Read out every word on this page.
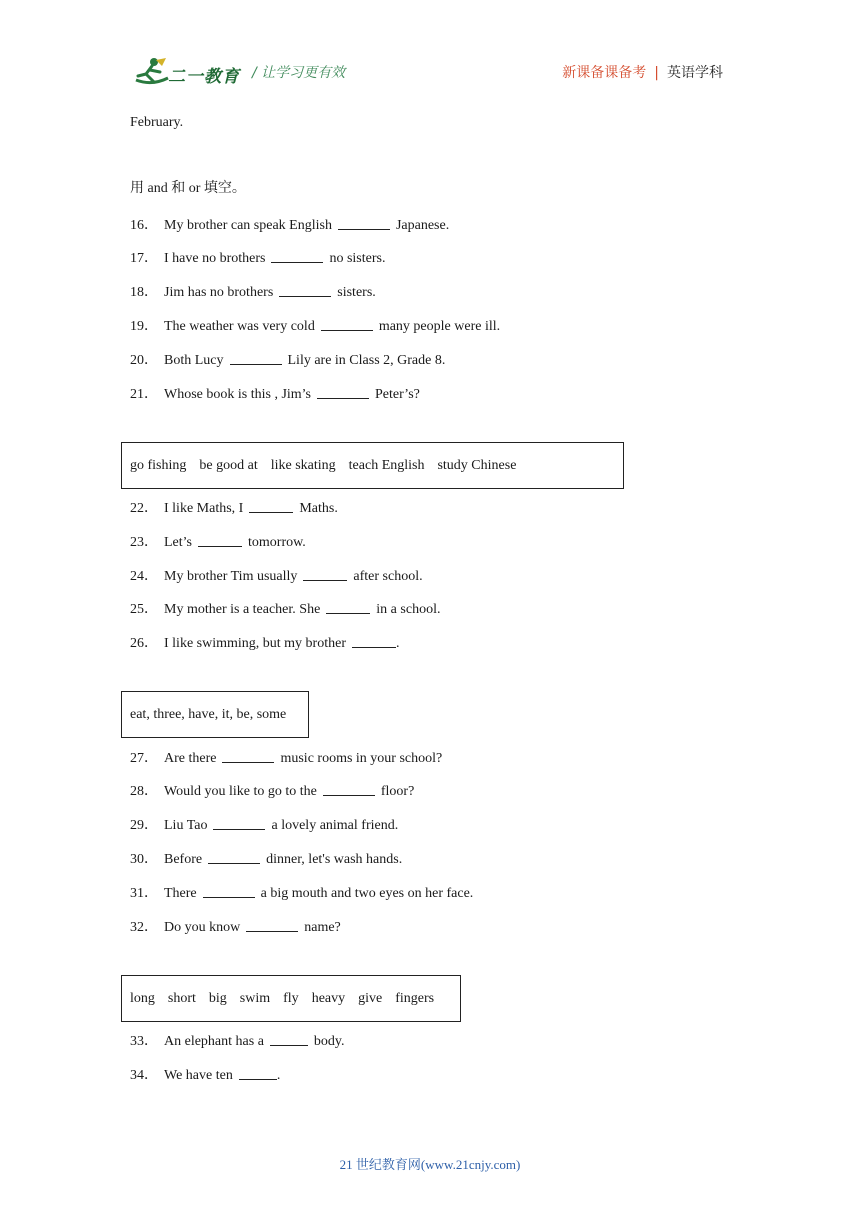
二一教育 / 让学习更有效	新课备课备考 | 英语学科
February.
用 and 和 or 填空。
16． My brother can speak English	Japanese.
17． I have no brothers	no sisters.
18． Jim has no brothers	sisters.
19． The weather was very cold	many people were ill.
20． Both Lucy	Lily are in Class 2, Grade 8.
21． Whose book is this , Jim’s	Peter’s?
go fishing be good at like skating teach English study Chinese
22． I like Maths, I	Maths.
23． Let’s	tomorrow.
24． My brother Tim usually	after school.
25． My mother is a teacher. She	in a school.
26． I like swimming, but my brother	.
eat, three, have, it, be, some
27． Are there	music rooms in your school?
28． Would you like to go to the	floor?
29． Liu Tao	a lovely animal friend.
30． Before	dinner, let's wash hands.
31． There	a big mouth and two eyes on her face.
32． Do you know	name?
long short big swim fly heavy give fingers
33． An elephant has a	body.
34． We have ten	.
21 世纪教育网(www.21cnjy.com)
